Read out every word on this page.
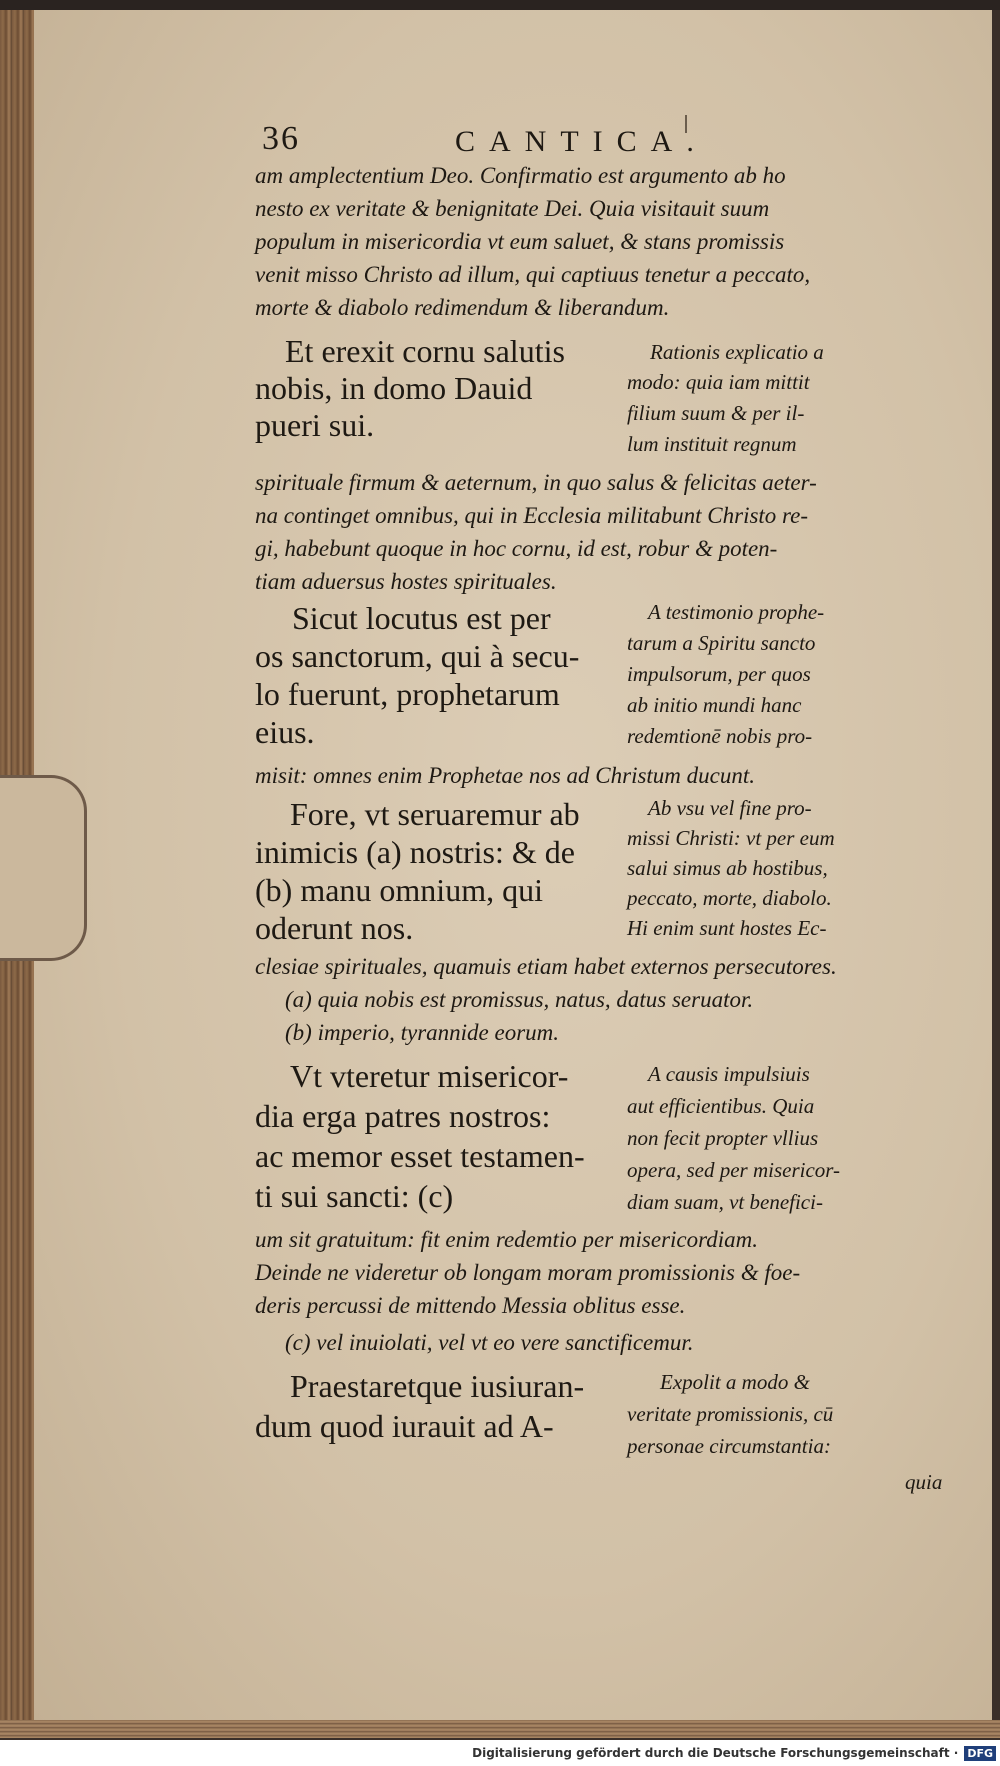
36	CANTICA.
am amplectentium Deo. Confirmatio est argumento ab ho
nesto ex veritate & benignitate Dei. Quia visitauit suum
populum in misericordia vt eum saluet, & stans promissis
venit misso Christo ad illum, qui captiuus tenetur a peccato,
morte & diabolo redimendum & liberandum.
Et erexit cornu salutis
nobis, in domo Dauid
pueri sui.
Rationis explicatio a
modo: quia iam mittit
filium suum & per il-
lum instituit regnum
spirituale firmum & aeternum, in quo salus & felicitas aeter-
na continget omnibus, qui in Ecclesia militabunt Christo re-
gi, habebunt quoque in hoc cornu, id est, robur & poten-
tiam aduersus hostes spirituales.
Sicut locutus est per
os sanctorum, qui à secu-
lo fuerunt, prophetarum
eius.
A testimonio prophe-
tarum a Spiritu sancto
impulsorum, per quos
ab initio mundi hanc
redemtionē nobis pro-
misit: omnes enim Prophetae nos ad Christum ducunt.
Fore, vt seruaremur ab
inimicis (a) nostris: & de
(b) manu omnium, qui
oderunt nos.
Ab vsu vel fine pro-
missi Christi: vt per eum
salui simus ab hostibus,
peccato, morte, diabolo.
Hi enim sunt hostes Ec-
clesiae spirituales, quamuis etiam habet externos persecutores.
(a) quia nobis est promissus, natus, datus seruator.
(b) imperio, tyrannide eorum.
Vt vteretur misericor-
dia erga patres nostros:
ac memor esset testamen-
ti sui sancti: (c)
A causis impulsiuis
aut efficientibus. Quia
non fecit propter vllius
opera, sed per misericor-
diam suam, vt benefici-
um sit gratuitum: fit enim redemtio per misericordiam.
Deinde ne videretur ob longam moram promissionis & foe-
deris percussi de mittendo Messia oblitus esse.
(c) vel inuiolati, vel vt eo vere sanctificemur.
Praestaretque iusiuran-
dum quod iurauit ad A-
Expolit a modo &
veritate promissionis, cū
personae circumstantia:
quia
Digitalisierung gefördert durch die Deutsche Forschungsgemeinschaft · DFG
